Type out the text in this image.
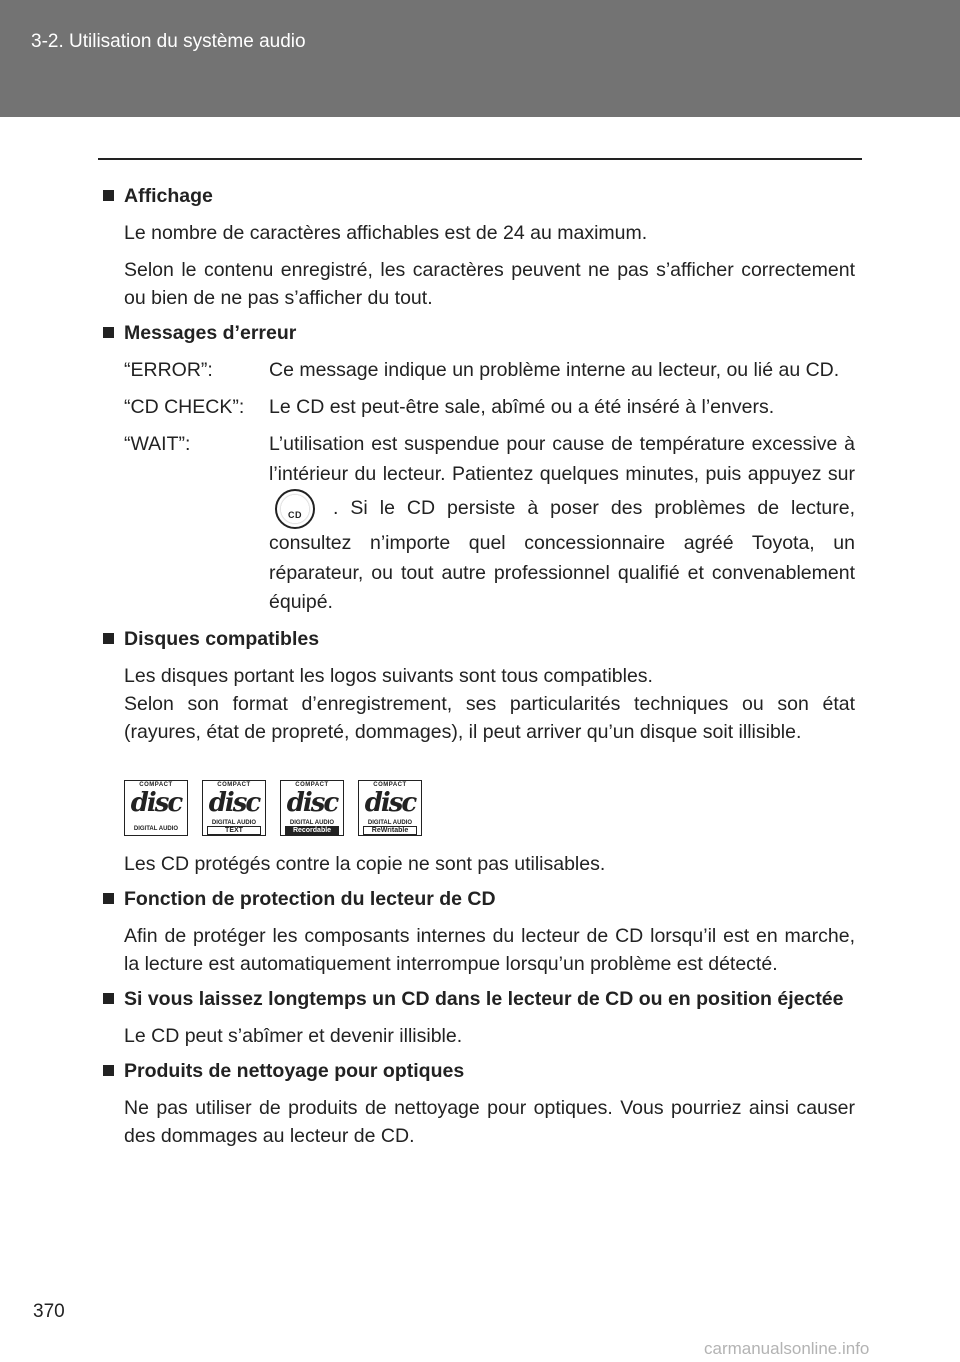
3-2. Utilisation du système audio
Affichage

Le nombre de caractères affichables est de 24 au maximum.

Selon le contenu enregistré, les caractères peuvent ne pas s’afficher correctement ou bien de ne pas s’afficher du tout.

Messages d’erreur
“ERROR”:	Ce message indique un problème interne au lecteur, ou lié au CD.
“CD CHECK”:	Le CD est peut-être sale, abîmé ou a été inséré à l’envers.
“WAIT”:	L’utilisation est suspendue pour cause de température excessive à l’intérieur du lecteur. Patientez quelques minutes, puis appuyez sur
CD	. Si le CD persiste à poser des problèmes de lecture, consultez n’importe quel concessionnaire agréé Toyota, un réparateur, ou tout autre professionnel qualifié et convenablement équipé.
Disques compatibles

Les disques portant les logos suivants sont tous compatibles.

Selon son format d’enregistrement, ses particularités techniques ou son état (rayures, état de propreté, dommages), il peut arriver qu’un disque soit illisible.

COMPACT
disc
DIGITAL AUDIO
COMPACT
disc
DIGITAL AUDIO
TEXT
COMPACT
disc
DIGITAL AUDIO
Recordable
COMPACT
disc
DIGITAL AUDIO
ReWritable

Les CD protégés contre la copie ne sont pas utilisables.

Fonction de protection du lecteur de CD

Afin de protéger les composants internes du lecteur de CD lorsqu’il est en marche, la lecture est automatiquement interrompue lorsqu’un problème est détecté.

Si vous laissez longtemps un CD dans le lecteur de CD ou en position éjectée

Le CD peut s’abîmer et devenir illisible.

Produits de nettoyage pour optiques

Ne pas utiliser de produits de nettoyage pour optiques. Vous pourriez ainsi causer des dommages au lecteur de CD.

370
carmanualsonline.info
